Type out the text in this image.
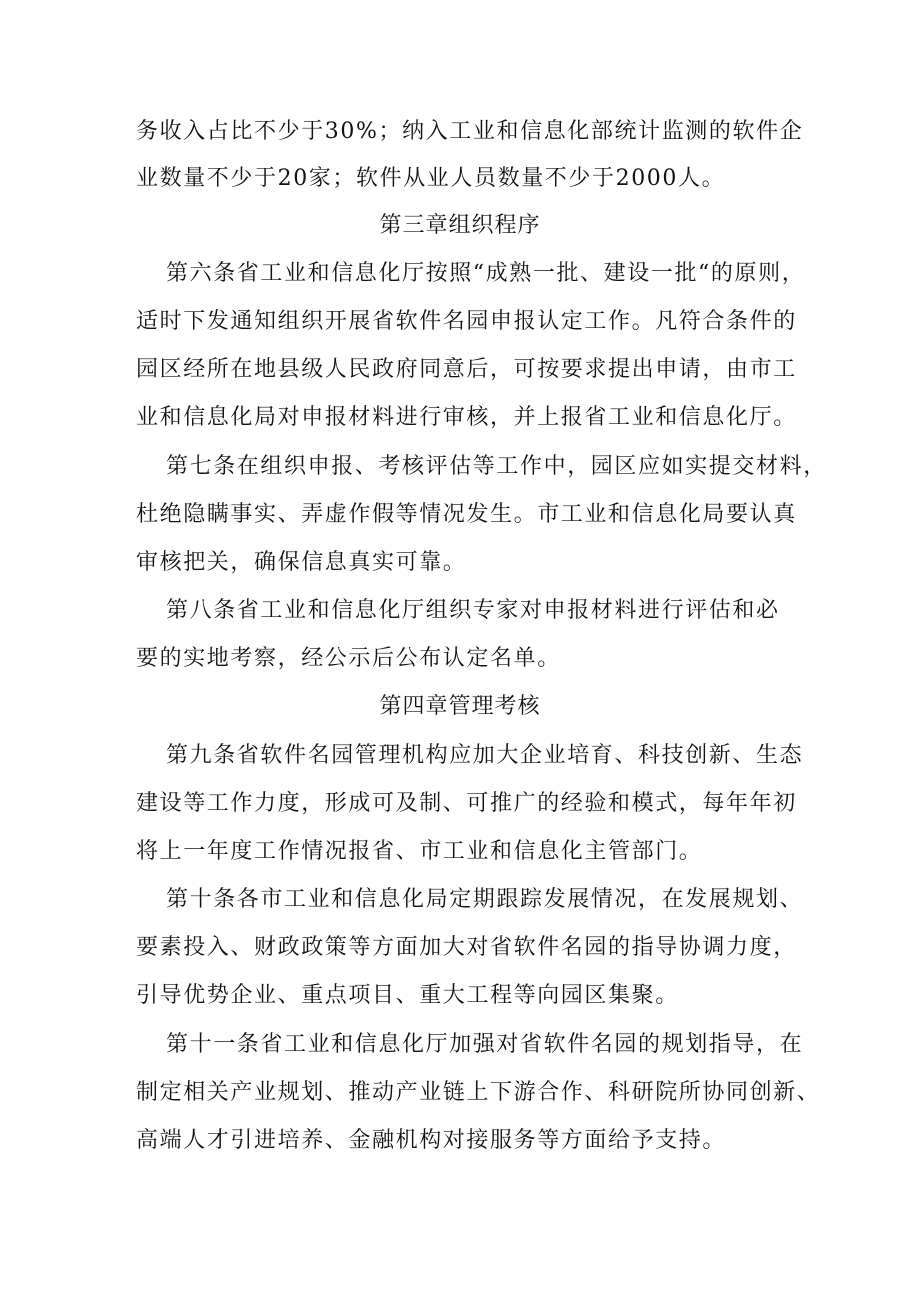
务收入占比不少于30%；纳入工业和信息化部统计监测的软件企
业数量不少于20家；软件从业人员数量不少于2000人。
第三章组织程序
第六条省工业和信息化厅按照“成熟一批、建设一批“的原则，
适时下发通知组织开展省软件名园申报认定工作。凡符合条件的
园区经所在地县级人民政府同意后，可按要求提出申请，由市工
业和信息化局对申报材料进行审核，并上报省工业和信息化厅。
第七条在组织申报、考核评估等工作中，园区应如实提交材料，
杜绝隐瞒事实、弄虚作假等情况发生。市工业和信息化局要认真
审核把关，确保信息真实可靠。
第八条省工业和信息化厅组织专家对申报材料进行评估和必
要的实地考察，经公示后公布认定名单。
第四章管理考核
第九条省软件名园管理机构应加大企业培育、科技创新、生态
建设等工作力度，形成可及制、可推广的经验和模式，每年年初
将上一年度工作情况报省、市工业和信息化主管部门。
第十条各市工业和信息化局定期跟踪发展情况，在发展规划、
要素投入、财政政策等方面加大对省软件名园的指导协调力度，
引导优势企业、重点项目、重大工程等向园区集聚。
第十一条省工业和信息化厅加强对省软件名园的规划指导，在
制定相关产业规划、推动产业链上下游合作、科研院所协同创新、
高端人才引进培养、金融机构对接服务等方面给予支持。
